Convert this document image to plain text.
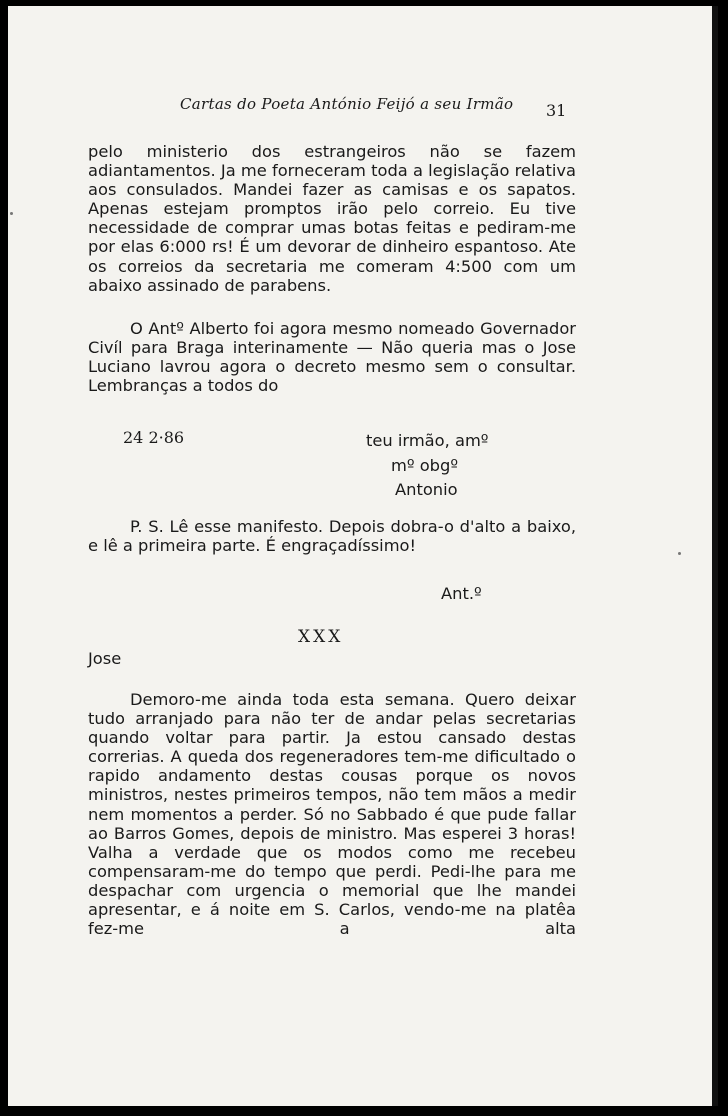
Cartas do Poeta António Feijó a seu Irmão 31
pelo ministerio dos estrangeiros não se fazem adiantamentos. Ja me forneceram toda a legislação relativa aos consulados. Mandei fazer as camisas e os sapatos. Apenas estejam promptos irão pelo correio. Eu tive necessidade de comprar umas botas feitas e pediram-me por elas 6:000 rs! É um devorar de dinheiro espantoso. Ate os correios da secretaria me comeram 4:500 com um abaixo assinado de parabens.
O Antº Alberto foi agora mesmo nomeado Governador Civíl para Braga interinamente — Não queria mas o Jose Luciano lavrou agora o decreto mesmo sem o consultar. Lembranças a todos do
24 2·86	teu irmão, amº
mº obgº
Antonio
P. S. Lê esse manifesto. Depois dobra-o d'alto a baixo, e lê a primeira parte. É engraçadíssimo!
Ant.º
XXX
Jose
Demoro-me ainda toda esta semana. Quero deixar tudo arranjado para não ter de andar pelas secretarias quando voltar para partir. Ja estou cansado destas correrias. A queda dos regeneradores tem-me dificultado o rapido andamento destas cousas porque os novos ministros, nestes primeiros tempos, não tem mãos a medir nem momentos a perder. Só no Sabbado é que pude fallar ao Barros Gomes, depois de ministro. Mas esperei 3 horas! Valha a verdade que os modos como me recebeu compensaram-me do tempo que perdi. Pedi-lhe para me despachar com urgencia o memorial que lhe mandei apresentar, e á noite em S. Carlos, vendo-me na platêa fez-me a alta
